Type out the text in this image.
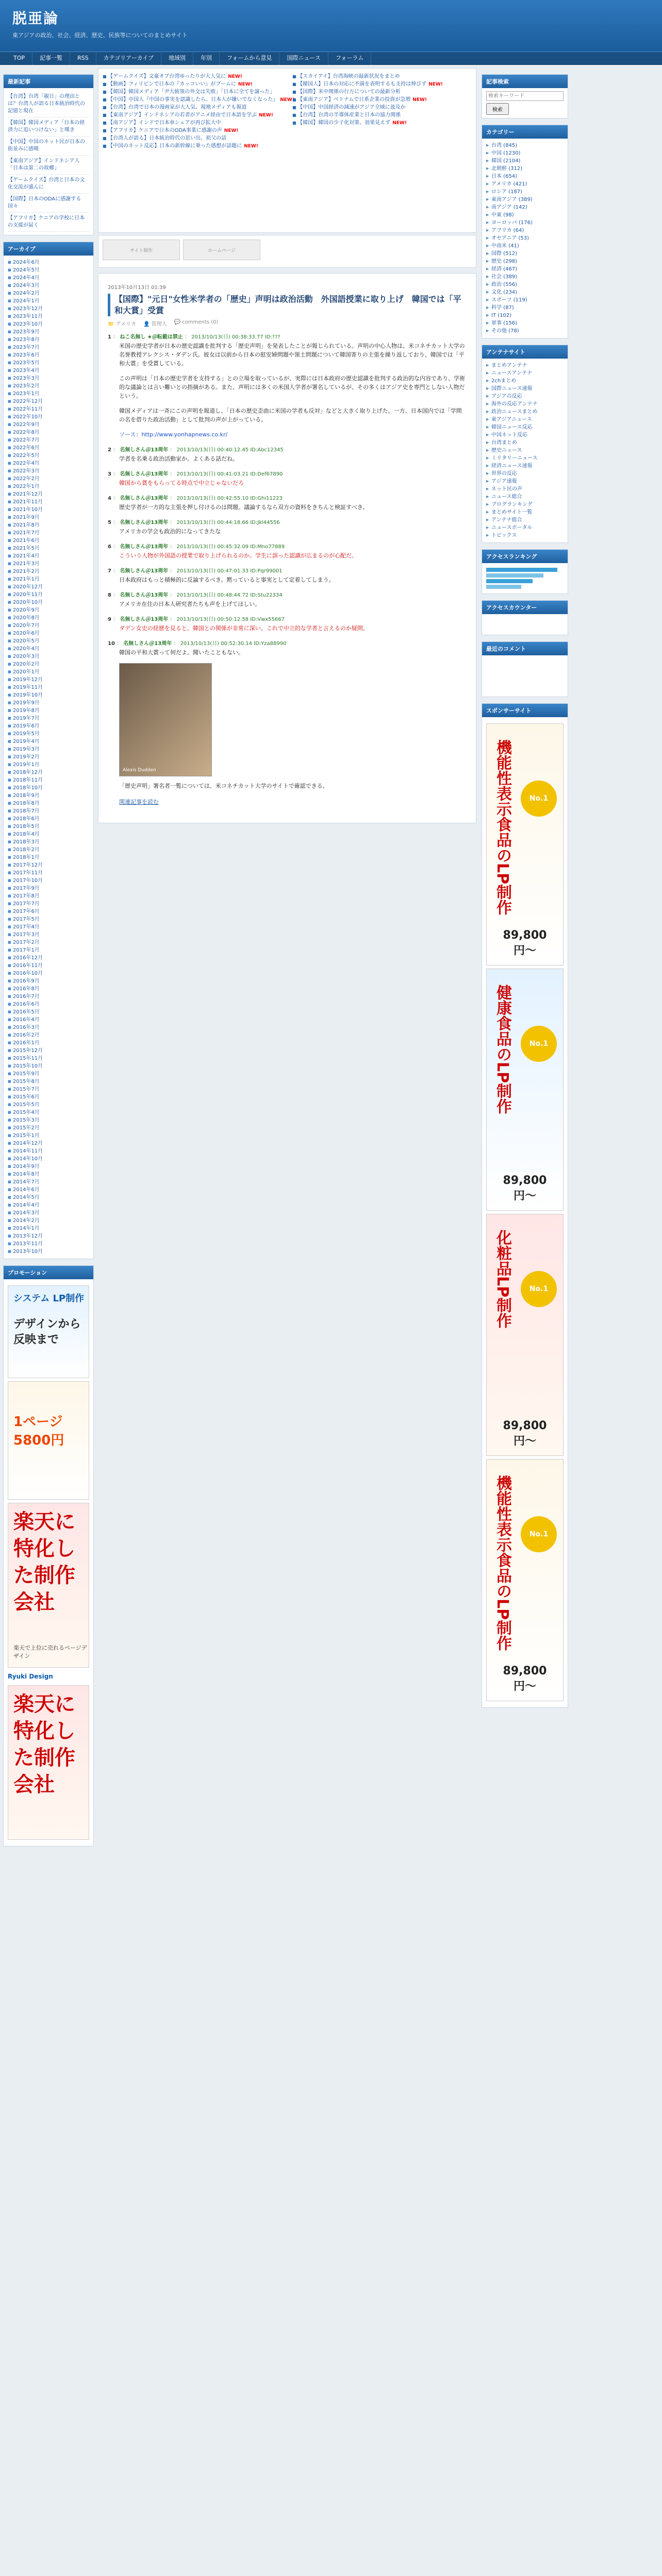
脱亜論
東アジアの政治、社会、経済、歴史、民族等についてのまとめサイト
TOP	記事一覧	RSS	カテゴリアーカイブ	地域別	年別	フォームから意見	国際ニュース	フォーラム
最新記事
【台湾】台湾「親日」の理由とは？台湾人が語る日本統治時代の記憶と現在
【韓国】韓国メディア「日本の経済力に追いつけない」と嘆き
【中国】中国のネット民が日本の街並みに感嘆
【東南アジア】インドネシア人「日本は第二の故郷」
【ゲームクイズ】台湾と日本の文化交流が盛んに
【国際】日本のODAに感謝する国々
【アフリカ】ケニアの学校に日本の支援が届く
アーカイブ
■ 2024年6月
■ 2024年5月
■ 2024年4月
■ 2024年3月
■ 2024年2月
■ 2024年1月
■ 2023年12月
■ 2023年11月
■ 2023年10月
■ 2023年9月
■ 2023年8月
■ 2023年7月
■ 2023年6月
■ 2023年5月
■ 2023年4月
■ 2023年3月
■ 2023年2月
■ 2023年1月
■ 2022年12月
■ 2022年11月
■ 2022年10月
■ 2022年9月
■ 2022年8月
■ 2022年7月
■ 2022年6月
■ 2022年5月
■ 2022年4月
■ 2022年3月
■ 2022年2月
■ 2022年1月
■ 2021年12月
■ 2021年11月
■ 2021年10月
■ 2021年9月
■ 2021年8月
■ 2021年7月
■ 2021年6月
■ 2021年5月
■ 2021年4月
■ 2021年3月
■ 2021年2月
■ 2021年1月
■ 2020年12月
■ 2020年11月
■ 2020年10月
■ 2020年9月
■ 2020年8月
■ 2020年7月
■ 2020年6月
■ 2020年5月
■ 2020年4月
■ 2020年3月
■ 2020年2月
■ 2020年1月
■ 2019年12月
■ 2019年11月
■ 2019年10月
■ 2019年9月
■ 2019年8月
■ 2019年7月
■ 2019年6月
■ 2019年5月
■ 2019年4月
■ 2019年3月
■ 2019年2月
■ 2019年1月
■ 2018年12月
■ 2018年11月
■ 2018年10月
■ 2018年9月
■ 2018年8月
■ 2018年7月
■ 2018年6月
■ 2018年5月
■ 2018年4月
■ 2018年3月
■ 2018年2月
■ 2018年1月
■ 2017年12月
■ 2017年11月
■ 2017年10月
■ 2017年9月
■ 2017年8月
■ 2017年7月
■ 2017年6月
■ 2017年5月
■ 2017年4月
■ 2017年3月
■ 2017年2月
■ 2017年1月
■ 2016年12月
■ 2016年11月
■ 2016年10月
■ 2016年9月
■ 2016年8月
■ 2016年7月
■ 2016年6月
■ 2016年5月
■ 2016年4月
■ 2016年3月
■ 2016年2月
■ 2016年1月
■ 2015年12月
■ 2015年11月
■ 2015年10月
■ 2015年9月
■ 2015年8月
■ 2015年7月
■ 2015年6月
■ 2015年5月
■ 2015年4月
■ 2015年3月
■ 2015年2月
■ 2015年1月
■ 2014年12月
■ 2014年11月
■ 2014年10月
■ 2014年9月
■ 2014年8月
■ 2014年7月
■ 2014年6月
■ 2014年5月
■ 2014年4月
■ 2014年3月
■ 2014年2月
■ 2014年1月
■ 2013年12月
■ 2013年11月
■ 2013年10月
プロモーション
システム LP制作
デザインから反映まで
1ページ5800円
楽天に特化した制作会社
楽天で上位に売れるページデザイン
Ryuki Design
楽天に特化した制作会社
サイト制作	ホームページ
2013年10月13日 01:39
【国際】"元日"女性米学者の「歴史」声明は政治活動　外国語授業に取り上げ　韓国では「平和大賞」受賞
📁 アメリカ 👤 管理人 💬 comments (0)
1 ： ねこ名無し ★＠転載は禁止 ： 2013/10/13(日) 00:38:33.77 ID:???
米国の歴史学者が日本の歴史認識を批判する「歴史声明」を発表したことが報じられている。声明の中心人物は、米コネチカット大学の名誉教授アレクシス・ダデン氏。彼女は以前から日本の慰安婦問題や領土問題について韓国寄りの主張を繰り返しており、韓国では「平和大賞」を受賞している。
この声明は「日本の歴史学者を支持する」との立場を取っているが、実際には日本政府の歴史認識を批判する政治的な内容であり、学術的な議論とは言い難いとの指摘がある。また、声明には多くの米国人学者が署名しているが、その多くはアジア史を専門としない人物だという。
韓国メディアは一斉にこの声明を報道し、「日本の歴史歪曲に米国の学者も反対」などと大きく取り上げた。一方、日本国内では「学問の名を借りた政治活動」として批判の声が上がっている。
ソース：http://www.yonhapnews.co.kr/
2 ： 名無しさん＠13周年 ： 2013/10/13(日) 00:40:12.45 ID:Abc12345
学者を名乗る政治活動家か。よくある話だね。
3 ： 名無しさん＠13周年 ： 2013/10/13(日) 00:41:03.21 ID:Def67890
韓国から賞をもらってる時点で中立じゃないだろ
4 ： 名無しさん＠13周年 ： 2013/10/13(日) 00:42:55.10 ID:Ghi11223
歴史学者が一方的な主張を押し付けるのは問題。議論するなら双方の資料をきちんと検証すべき。
5 ： 名無しさん＠13周年 ： 2013/10/13(日) 00:44:18.66 ID:Jkl44556
アメリカの学会も政治的になってきたな
6 ： 名無しさん＠13周年 ： 2013/10/13(日) 00:45:32.09 ID:Mno77889
こういう人物が外国語の授業で取り上げられるのか。学生に誤った認識が広まるのが心配だ。
7 ： 名無しさん＠13周年 ： 2013/10/13(日) 00:47:01.33 ID:Pqr99001
日本政府はもっと積極的に反論するべき。黙っていると事実として定着してしまう。
8 ： 名無しさん＠13周年 ： 2013/10/13(日) 00:48:44.72 ID:Stu22334
アメリカ在住の日本人研究者たちも声を上げてほしい。
9 ： 名無しさん＠13周年 ： 2013/10/13(日) 00:50:12.58 ID:Vwx55667
ダデン女史の経歴を見ると、韓国との関係が非常に深い。これで中立的な学者と言えるのか疑問。
10 ： 名無しさん＠13周年 ： 2013/10/13(日) 00:52:30.14 ID:Yza88990
韓国の平和大賞って何だよ。聞いたこともない。
Alexis Dudden
「歴史声明」署名者一覧については、米コネチカット大学のサイトで確認できる。
関連記事を読む
記事検索
検索キーワード 検索
カテゴリー
▶ 台湾 (845)
▶ 中国 (1230)
▶ 韓国 (2104)
▶ 北朝鮮 (312)
▶ 日本 (654)
▶ アメリカ (421)
▶ ロシア (187)
▶ 東南アジア (389)
▶ 南アジア (142)
▶ 中東 (98)
▶ ヨーロッパ (176)
▶ アフリカ (64)
▶ オセアニア (53)
▶ 中南米 (41)
▶ 国際 (512)
▶ 歴史 (298)
▶ 経済 (467)
▶ 社会 (389)
▶ 政治 (556)
▶ 文化 (234)
▶ スポーツ (119)
▶ 科学 (87)
▶ IT (102)
▶ 軍事 (156)
▶ その他 (78)
アンテナサイト
▶ まとめアンテナ
▶ ニュースアンテナ
▶ 2chまとめ
▶ 国際ニュース速報
▶ アジアの反応
▶ 海外の反応アンテナ
▶ 政治ニュースまとめ
▶ 東アジアニュース
▶ 韓国ニュース反応
▶ 中国ネット反応
▶ 台湾まとめ
▶ 歴史ニュース
▶ ミリタリーニュース
▶ 経済ニュース速報
▶ 世界の反応
▶ アジア速報
▶ ネット民の声
▶ ニュース総合
▶ ブログランキング
▶ まとめサイト一覧
▶ アンテナ総合
▶ ニュースポータル
▶ トピックス
アクセスランキング
アクセスカウンター
最近のコメント
スポンサーサイト
機能性表示食品のLP制作	No.1
89,800円〜
健康食品のLP制作	No.1
89,800円〜
化粧品LP制作	No.1
89,800円〜
機能性表示食品のLP制作	No.1
89,800円〜
■ 【ゲームクイズ】文豪オブ台湾ゆったりが大人気に NEW!
■ 【動画】フィリピンで日本の『カッコいい』がブームに NEW!
■ 【韓国】韓国メディア「尹大統領の外交は失敗」「日本に全てを譲った」
■ 【中国】中国人『中国の事実を認識したら、日本人が嫌いでなくなった』 NEW!
■ 【台湾】台湾で日本の漫画家が大人気、現地メディアも報道
■ 【東南アジア】インドネシアの若者がアニメ経由で日本語を学ぶ NEW!
■ 【南アジア】インドで日本車シェアが再び拡大中
■ 【アフリカ】ケニアで日本のODA事業に感謝の声 NEW!
■ 【台湾人が語る】日本統治時代の思い出、祖父の話
■ 【中国のネット反応】日本の新幹線に乗った感想が話題に NEW!
■ 【スカイアイ】台湾海峡の最新状況をまとめ
■ 【韓国人】日本の対応に不満を表明するも支持は伸びず NEW!
■ 【国際】米中関係の行方についての最新分析
■ 【東南アジア】ベトナムで日系企業の投資が急増 NEW!
■ 【中国】中国経済の減速がアジア全域に波及か
■ 【台湾】台湾の半導体産業と日本の協力関係
■ 【韓国】韓国の少子化対策、効果見えず NEW!
